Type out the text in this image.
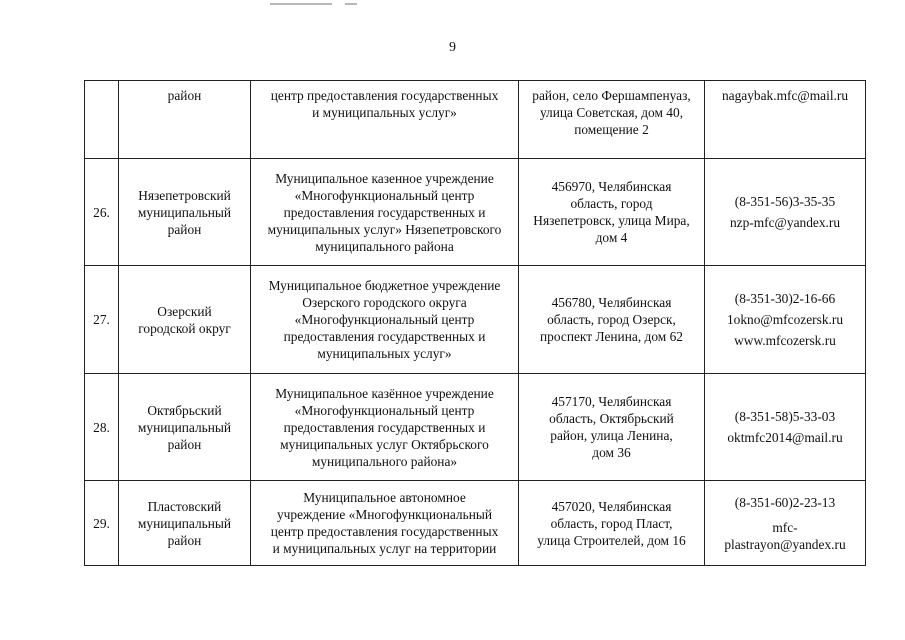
9

	район	центр предоставления государственных
и муниципальных услуг»	район, село Фершампенуаз,
улица Советская, дом 40,
помещение 2	nagaybak.mfc@mail.ru

26.	Нязепетровский
муниципальный
район	Муниципальное казенное учреждение
«Многофункциональный центр
предоставления государственных и
муниципальных услуг» Нязепетровского
муниципального района	456970, Челябинская
область, город
Нязепетровск, улица Мира,
дом 4	(8-351-56)3-35-35
nzp-mfc@yandex.ru

27.	Озерский
городской округ	Муниципальное бюджетное учреждение
Озерского городского округа
«Многофункциональный центр
предоставления государственных и
муниципальных услуг»	456780, Челябинская
область, город Озерск,
проспект Ленина, дом 62	(8-351-30)2-16-66
1okno@mfcozersk.ru
www.mfcozersk.ru

28.	Октябрьский
муниципальный
район	Муниципальное казённое учреждение
«Многофункциональный центр
предоставления государственных и
муниципальных услуг Октябрьского
муниципального района»	457170, Челябинская
область, Октябрьский
район, улица Ленина,
дом 36	(8-351-58)5-33-03
oktmfc2014@mail.ru

29.	Пластовский
муниципальный
район	Муниципальное автономное
учреждение «Многофункциональный
центр предоставления государственных
и муниципальных услуг на территории	457020, Челябинская
область, город Пласт,
улица Строителей, дом 16	(8-351-60)2-23-13
mfc-
plastrayon@yandex.ru
